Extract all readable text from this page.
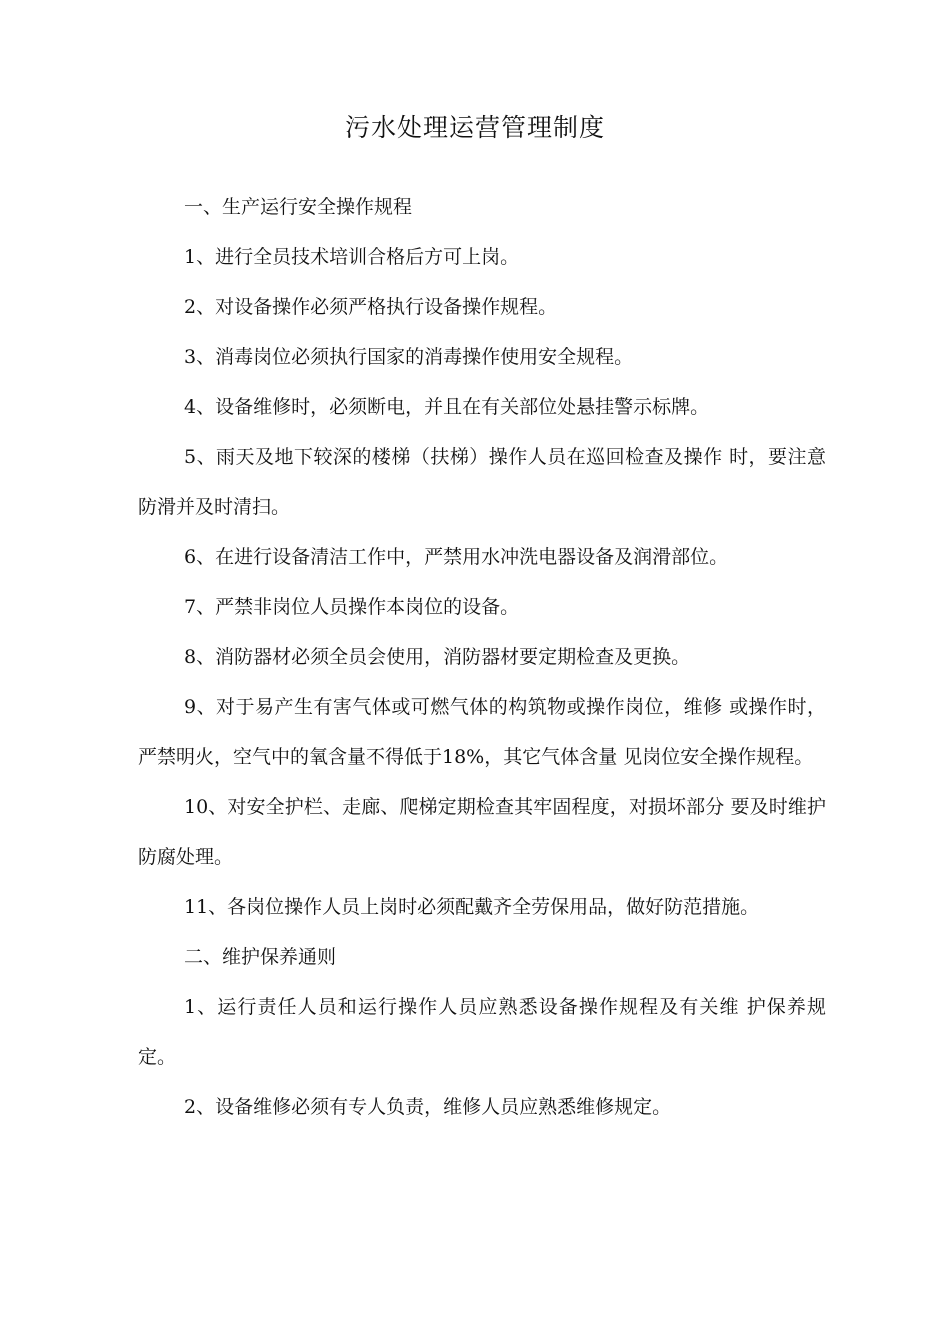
污水处理运营管理制度

一、生产运行安全操作规程

1、进行全员技术培训合格后方可上岗。

2、对设备操作必须严格执行设备操作规程。

3、消毒岗位必须执行国家的消毒操作使用安全规程。

4、设备维修时，必须断电，并且在有关部位处悬挂警示标牌。

5、雨天及地下较深的楼梯（扶梯）操作人员在巡回检查及操作 时，要注意防滑并及时清扫。

6、在进行设备清洁工作中，严禁用水冲洗电器设备及润滑部位。

7、严禁非岗位人员操作本岗位的设备。

8、消防器材必须全员会使用，消防器材要定期检查及更换。

9、对于易产生有害气体或可燃气体的构筑物或操作岗位，维修 或操作时，严禁明火，空气中的氧含量不得低于18%，其它气体含量 见岗位安全操作规程。

10、对安全护栏、走廊、爬梯定期检查其牢固程度，对损坏部分 要及时维护防腐处理。

11、各岗位操作人员上岗时必须配戴齐全劳保用品，做好防范措施。

二、维护保养通则

1、运行责任人员和运行操作人员应熟悉设备操作规程及有关维 护保养规定。

2、设备维修必须有专人负责，维修人员应熟悉维修规定。
